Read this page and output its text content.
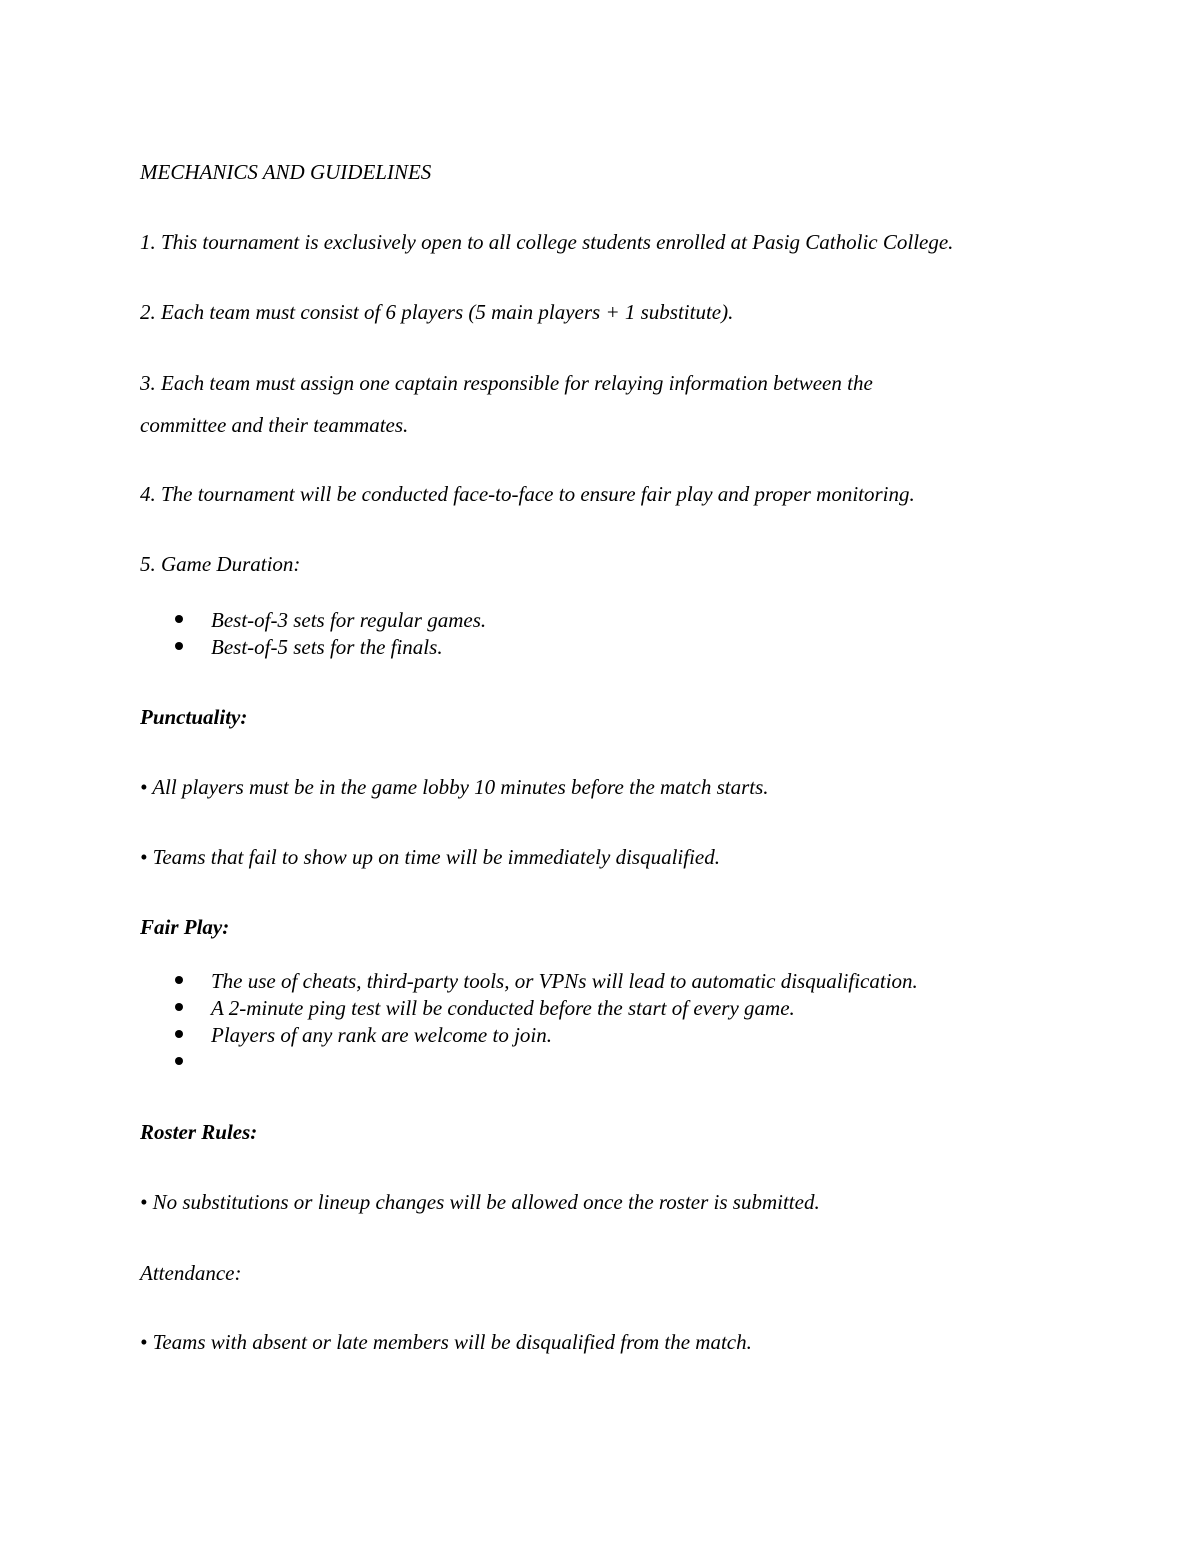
MECHANICS AND GUIDELINES
1. This tournament is exclusively open to all college students enrolled at Pasig Catholic College.
2. Each team must consist of 6 players (5 main players + 1 substitute).
3. Each team must assign one captain responsible for relaying information between the
committee and their teammates.
4. The tournament will be conducted face-to-face to ensure fair play and proper monitoring.
5. Game Duration:
Best-of-3 sets for regular games.
Best-of-5 sets for the finals.
Punctuality:
• All players must be in the game lobby 10 minutes before the match starts.
• Teams that fail to show up on time will be immediately disqualified.
Fair Play:
The use of cheats, third-party tools, or VPNs will lead to automatic disqualification.
A 2-minute ping test will be conducted before the start of every game.
Players of any rank are welcome to join.
Roster Rules:
• No substitutions or lineup changes will be allowed once the roster is submitted.
Attendance:
• Teams with absent or late members will be disqualified from the match.
